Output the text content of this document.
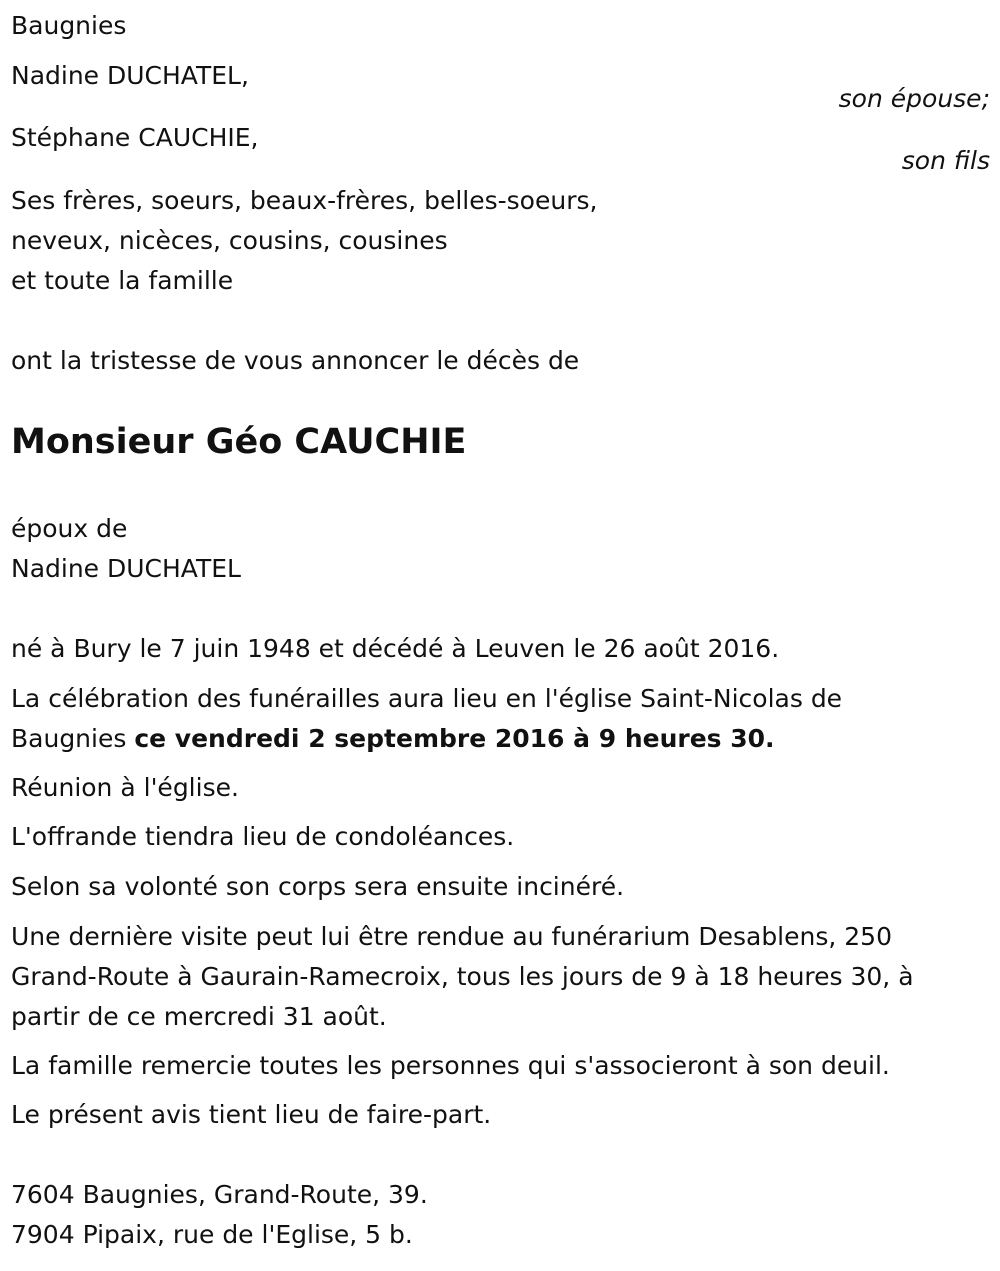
Baugnies
Nadine DUCHATEL,
son épouse;
Stéphane CAUCHIE,
son fils
Ses frères, soeurs, beaux-frères, belles-soeurs,
neveux, nicèces, cousins, cousines
et toute la famille
ont la tristesse de vous annoncer le décès de
Monsieur Géo CAUCHIE
époux de
Nadine DUCHATEL
né à Bury le 7 juin 1948 et décédé à Leuven le 26 août 2016.
La célébration des funérailles aura lieu en l'église Saint-Nicolas de
Baugnies ce vendredi 2 septembre 2016 à 9 heures 30.
Réunion à l'église.
L'offrande tiendra lieu de condoléances.
Selon sa volonté son corps sera ensuite incinéré.
Une dernière visite peut lui être rendue au funérarium Desablens, 250
Grand-Route à Gaurain-Ramecroix, tous les jours de 9 à 18 heures 30, à
partir de ce mercredi 31 août.
La famille remercie toutes les personnes qui s'associeront à son deuil.
Le présent avis tient lieu de faire-part.
7604 Baugnies, Grand-Route, 39.
7904 Pipaix, rue de l'Eglise, 5 b.
